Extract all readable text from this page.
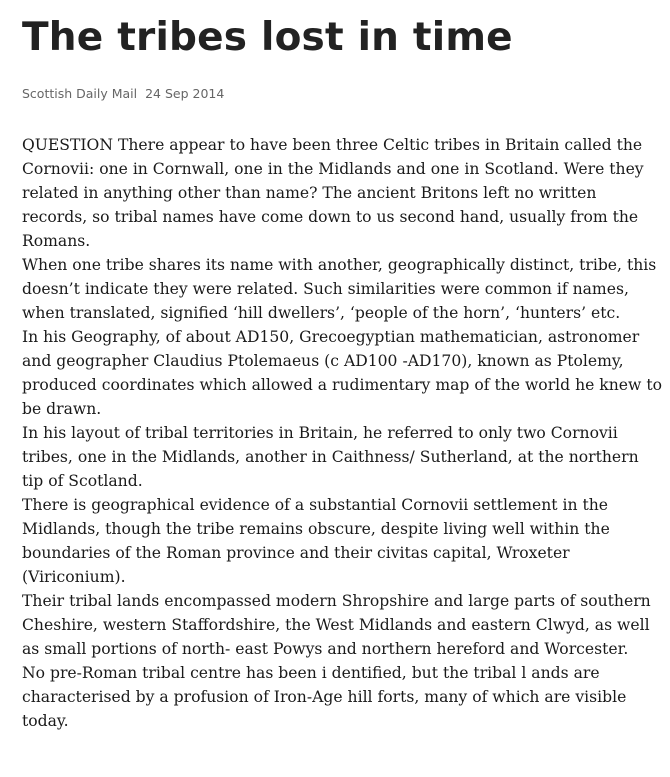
The tribes lost in time
Scottish Daily Mail 24 Sep 2014

QUESTION There appear to have been three Celtic tribes in Britain called the Cornovii: one in Cornwall, one in the Midlands and one in Scotland. Were they related in anything other than name? The ancient Britons left no written records, so tribal names have come down to us second hand, usually from the Romans.

When one tribe shares its name with another, geographically distinct, tribe, this doesn’t indicate they were related. Such similarities were common if names, when translated, signified ‘hill dwellers’, ‘people of the horn’, ‘hunters’ etc.

In his Geography, of about AD150, Grecoegyptian mathematician, astronomer and geographer Claudius Ptolemaeus (c AD100 -AD170), known as Ptolemy, produced coordinates which allowed a rudimentary map of the world he knew to be drawn.

In his layout of tribal territories in Britain, he referred to only two Cornovii tribes, one in the Midlands, another in Caithness/ Sutherland, at the northern tip of Scotland.

There is geographical evidence of a substantial Cornovii settlement in the Midlands, though the tribe remains obscure, despite living well within the boundaries of the Roman province and their civitas capital, Wroxeter (Viriconium).

Their tribal lands encompassed modern Shropshire and large parts of southern Cheshire, western Staffordshire, the West Midlands and eastern Clwyd, as well as small portions of north- east Powys and northern hereford and Worcester.

No pre-Roman tribal centre has been i dentified, but the tribal l ands are characterised by a profusion of Iron-Age hill forts, many of which are visible today.
